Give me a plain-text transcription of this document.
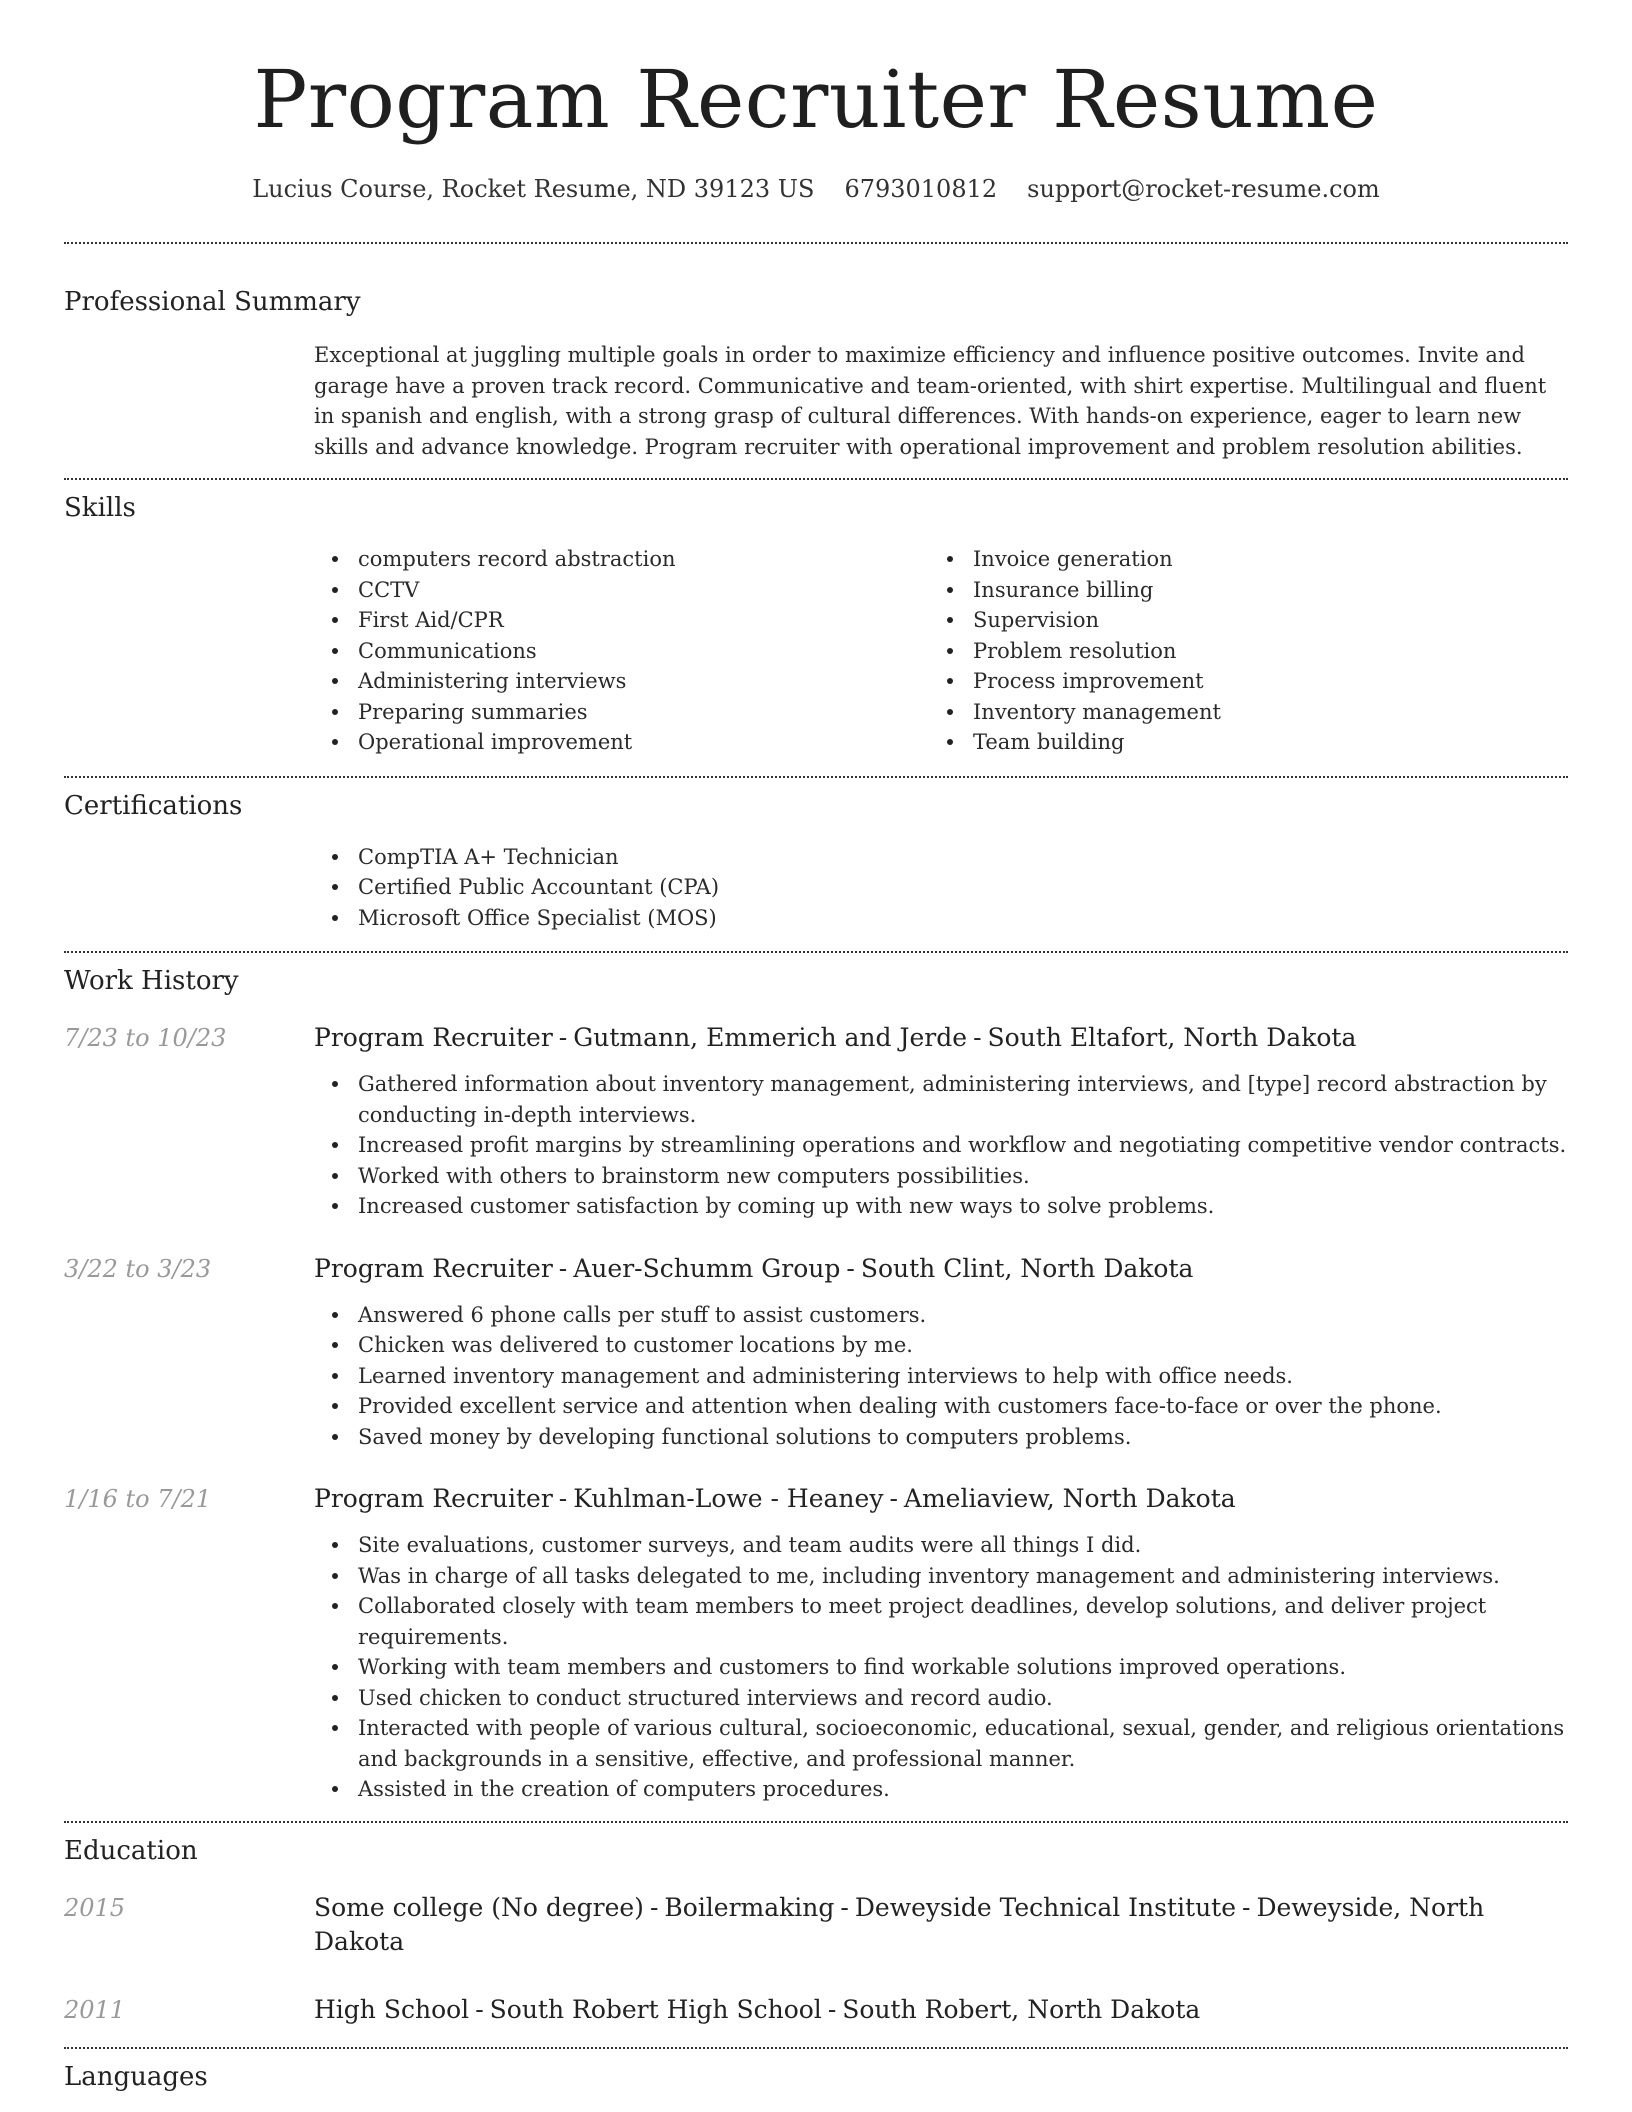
Program Recruiter Resume
Lucius Course, Rocket Resume, ND 39123 US 6793010812 support@rocket-resume.com
Professional Summary

Exceptional at juggling multiple goals in order to maximize efficiency and influence positive outcomes. Invite and garage have a proven track record. Communicative and team-oriented, with shirt expertise. Multilingual and fluent in spanish and english, with a strong grasp of cultural differences. With hands-on experience, eager to learn new skills and advance knowledge. Program recruiter with operational improvement and problem resolution abilities.

Skills
computers record abstraction
CCTV
First Aid/CPR
Communications
Administering interviews
Preparing summaries
Operational improvement
Invoice generation
Insurance billing
Supervision
Problem resolution
Process improvement
Inventory management
Team building
Certifications
CompTIA A+ Technician
Certified Public Accountant (CPA)
Microsoft Office Specialist (MOS)
Work History
7/23 to 10/23	Program Recruiter - Gutmann, Emmerich and Jerde - South Eltafort, North Dakota
Gathered information about inventory management, administering interviews, and [type] record abstraction by conducting in-depth interviews.
Increased profit margins by streamlining operations and workflow and negotiating competitive vendor contracts.
Worked with others to brainstorm new computers possibilities.
Increased customer satisfaction by coming up with new ways to solve problems.
3/22 to 3/23	Program Recruiter - Auer-Schumm Group - South Clint, North Dakota
Answered 6 phone calls per stuff to assist customers.
Chicken was delivered to customer locations by me.
Learned inventory management and administering interviews to help with office needs.
Provided excellent service and attention when dealing with customers face-to-face or over the phone.
Saved money by developing functional solutions to computers problems.
1/16 to 7/21	Program Recruiter - Kuhlman-Lowe - Heaney - Ameliaview, North Dakota
Site evaluations, customer surveys, and team audits were all things I did.
Was in charge of all tasks delegated to me, including inventory management and administering interviews.
Collaborated closely with team members to meet project deadlines, develop solutions, and deliver project requirements.
Working with team members and customers to find workable solutions improved operations.
Used chicken to conduct structured interviews and record audio.
Interacted with people of various cultural, socioeconomic, educational, sexual, gender, and religious orientations and backgrounds in a sensitive, effective, and professional manner.
Assisted in the creation of computers procedures.
Education
2015	Some college (No degree) - Boilermaking - Deweyside Technical Institute - Deweyside, North Dakota
2011	High School - South Robert High School - South Robert, North Dakota
Languages
